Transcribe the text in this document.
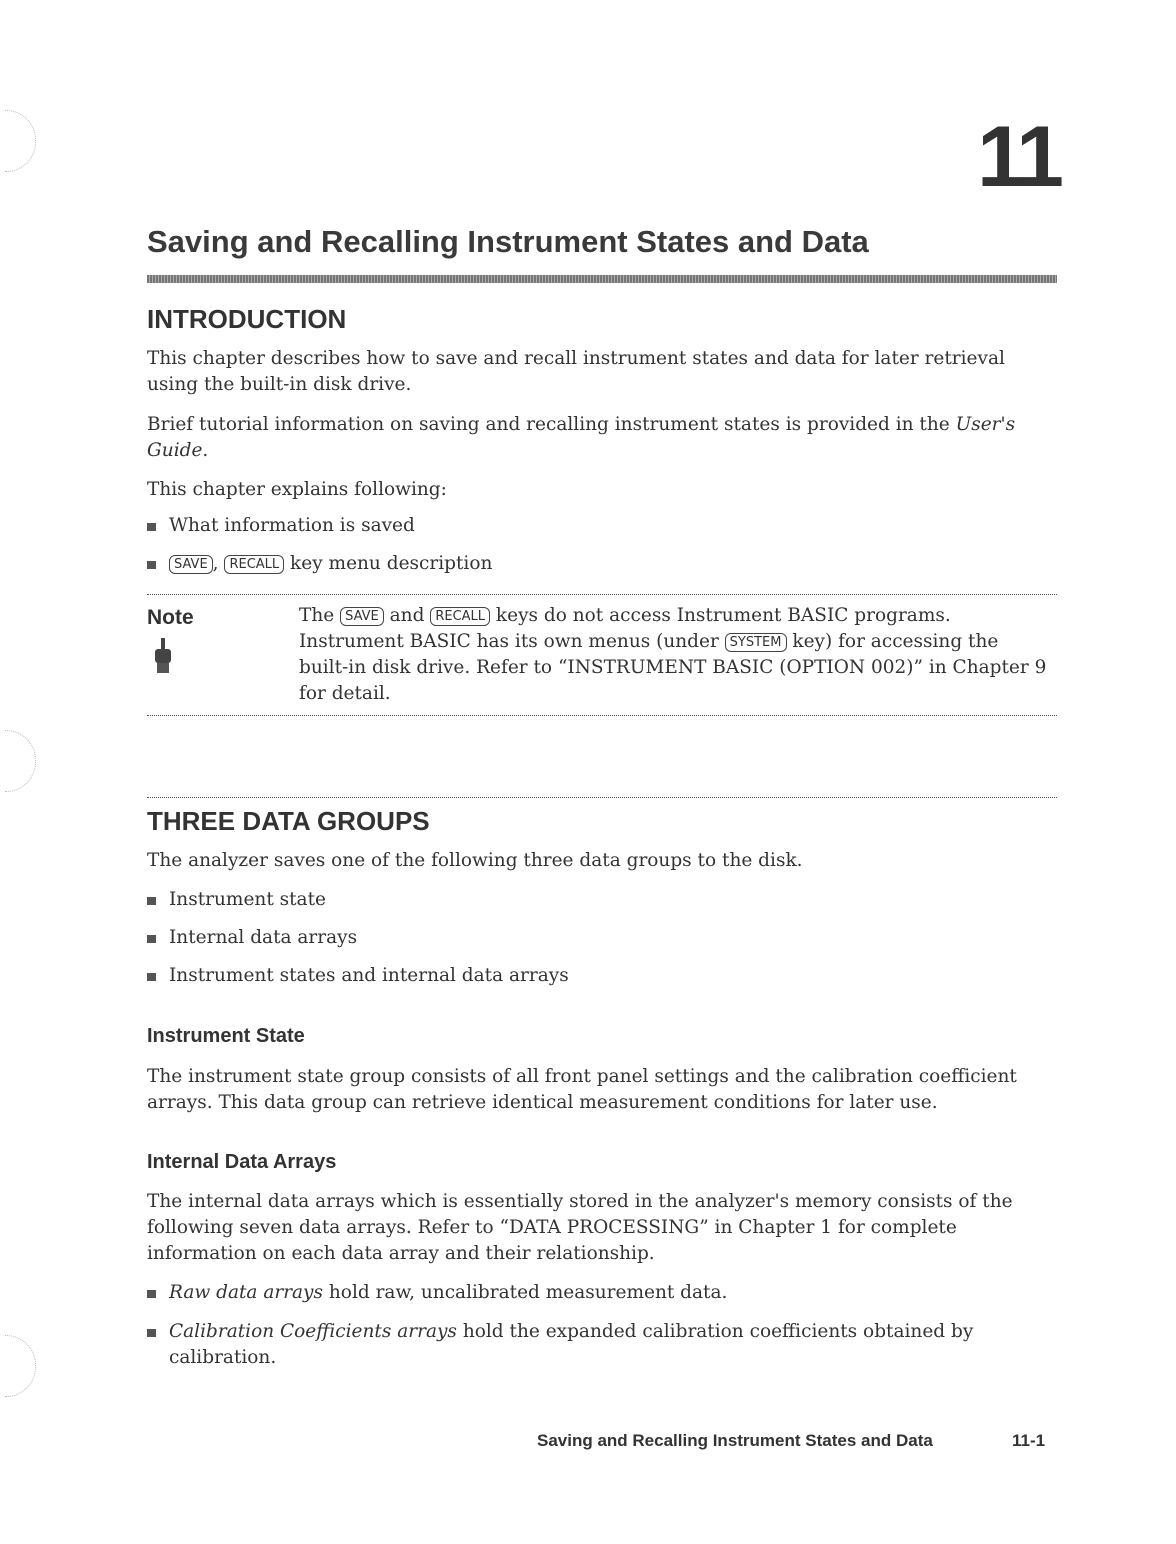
11
Saving and Recalling Instrument States and Data
INTRODUCTION
This chapter describes how to save and recall instrument states and data for later retrieval using the built-in disk drive.
Brief tutorial information on saving and recalling instrument states is provided in the User's Guide.
This chapter explains following:
What information is saved
SAVE , RECALL key menu description
Note	The SAVE and RECALL keys do not access Instrument BASIC programs. Instrument BASIC has its own menus (under SYSTEM key) for accessing the built-in disk drive. Refer to “INSTRUMENT BASIC (OPTION 002)” in Chapter 9 for detail.
THREE DATA GROUPS
The analyzer saves one of the following three data groups to the disk.
Instrument state
Internal data arrays
Instrument states and internal data arrays
Instrument State
The instrument state group consists of all front panel settings and the calibration coefficient arrays. This data group can retrieve identical measurement conditions for later use.
Internal Data Arrays
The internal data arrays which is essentially stored in the analyzer's memory consists of the following seven data arrays. Refer to “DATA PROCESSING” in Chapter 1 for complete information on each data array and their relationship.
Raw data arrays hold raw, uncalibrated measurement data.
Calibration Coefficients arrays hold the expanded calibration coefficients obtained by calibration.
Saving and Recalling Instrument States and Data	11-1
